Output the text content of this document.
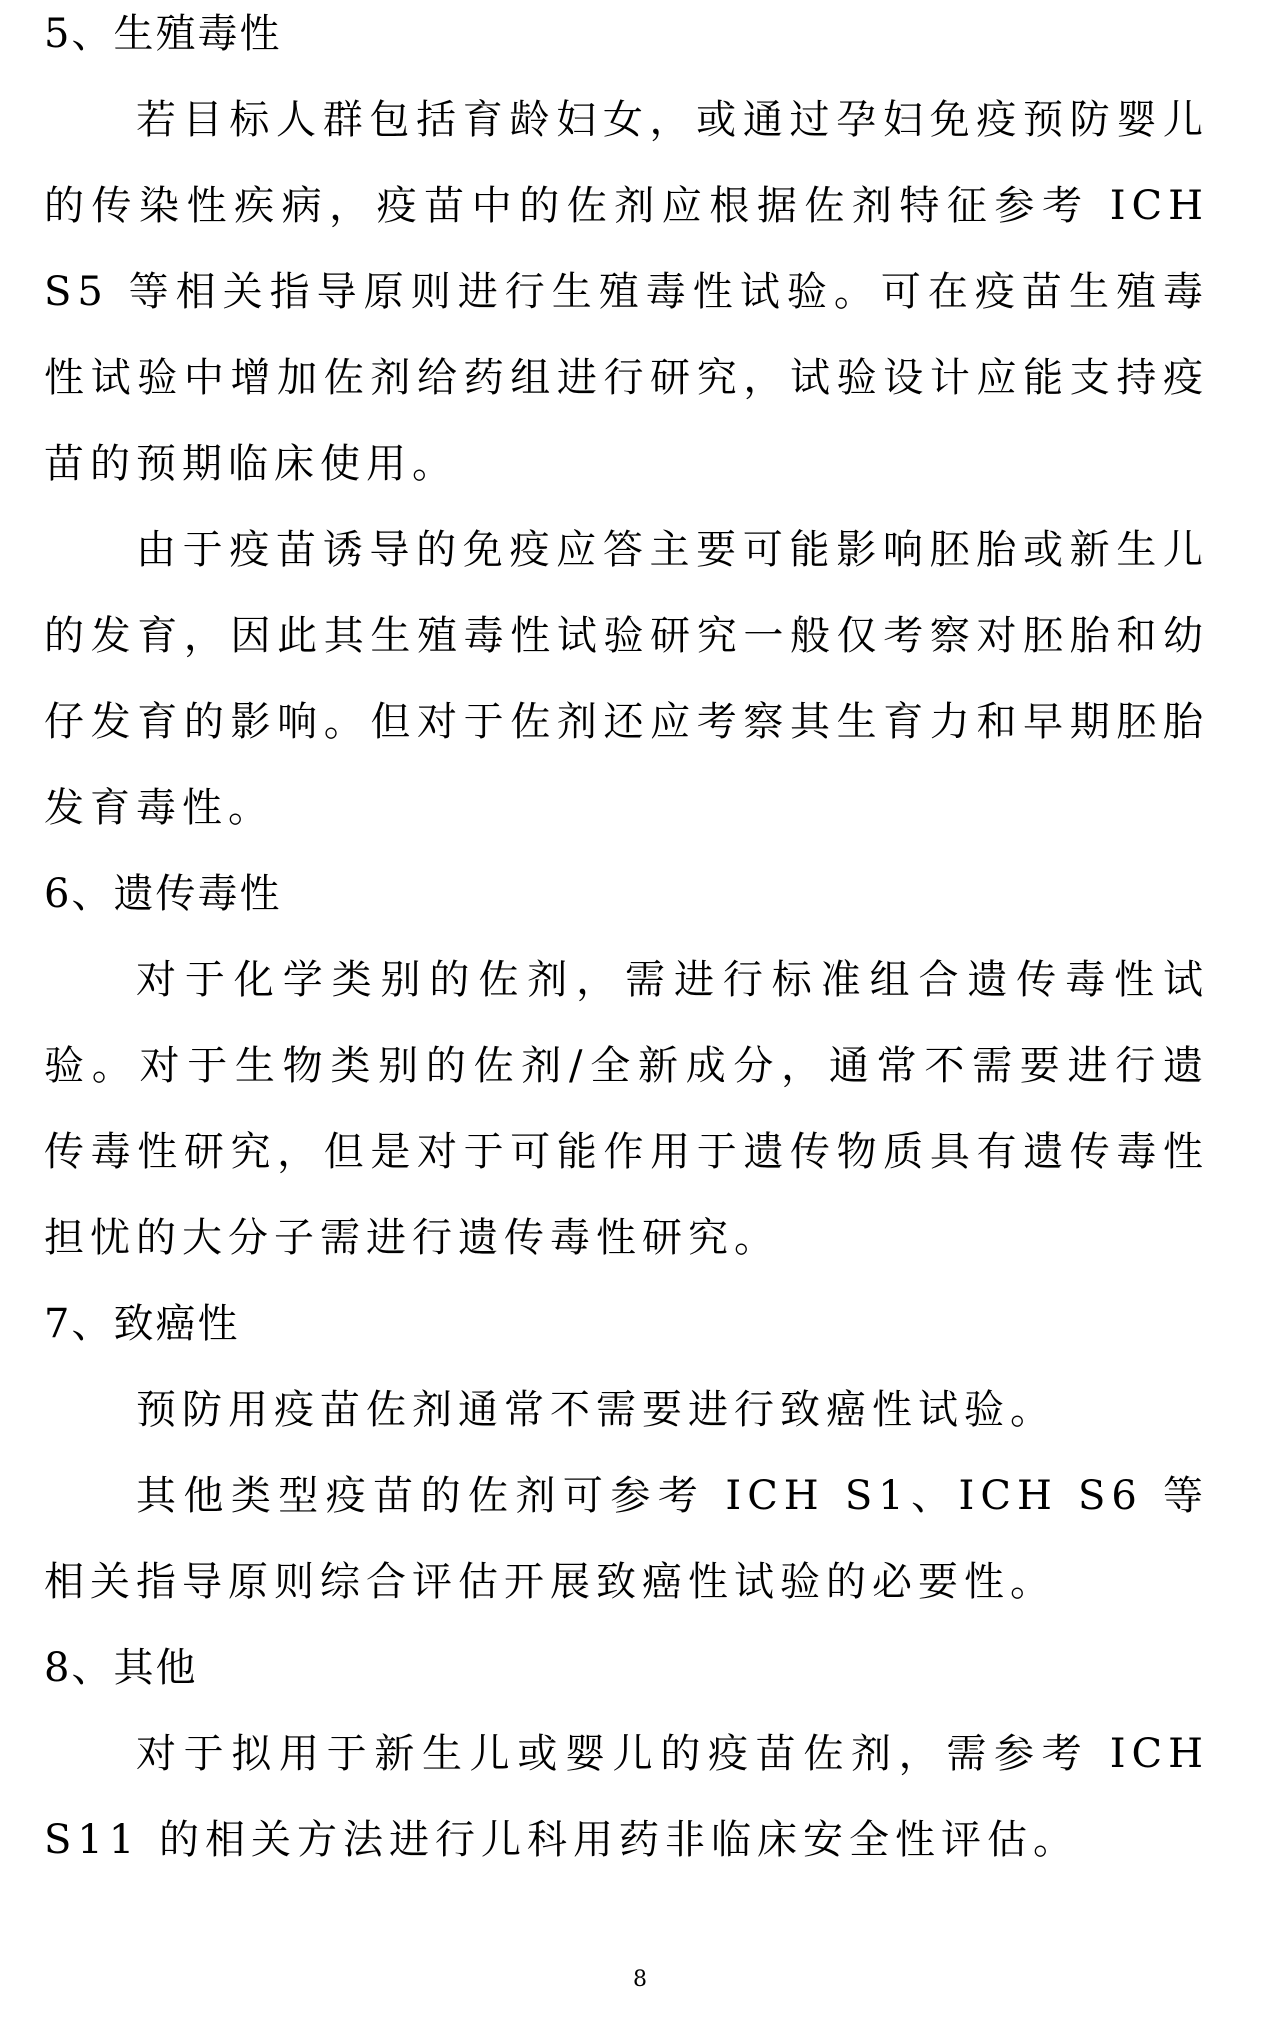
5、生殖毒性

若目标人群包括育龄妇女，或通过孕妇免疫预防婴儿的传染性疾病，疫苗中的佐剂应根据佐剂特征参考 ICH S5 等相关指导原则进行生殖毒性试验。可在疫苗生殖毒性试验中增加佐剂给药组进行研究，试验设计应能支持疫苗的预期临床使用。

由于疫苗诱导的免疫应答主要可能影响胚胎或新生儿的发育，因此其生殖毒性试验研究一般仅考察对胚胎和幼仔发育的影响。但对于佐剂还应考察其生育力和早期胚胎发育毒性。

6、遗传毒性

对于化学类别的佐剂，需进行标准组合遗传毒性试验。对于生物类别的佐剂/全新成分，通常不需要进行遗传毒性研究，但是对于可能作用于遗传物质具有遗传毒性担忧的大分子需进行遗传毒性研究。

7、致癌性

预防用疫苗佐剂通常不需要进行致癌性试验。

其他类型疫苗的佐剂可参考 ICH S1、ICH S6 等相关指导原则综合评估开展致癌性试验的必要性。

8、其他

对于拟用于新生儿或婴儿的疫苗佐剂，需参考 ICH S11 的相关方法进行儿科用药非临床安全性评估。

8
